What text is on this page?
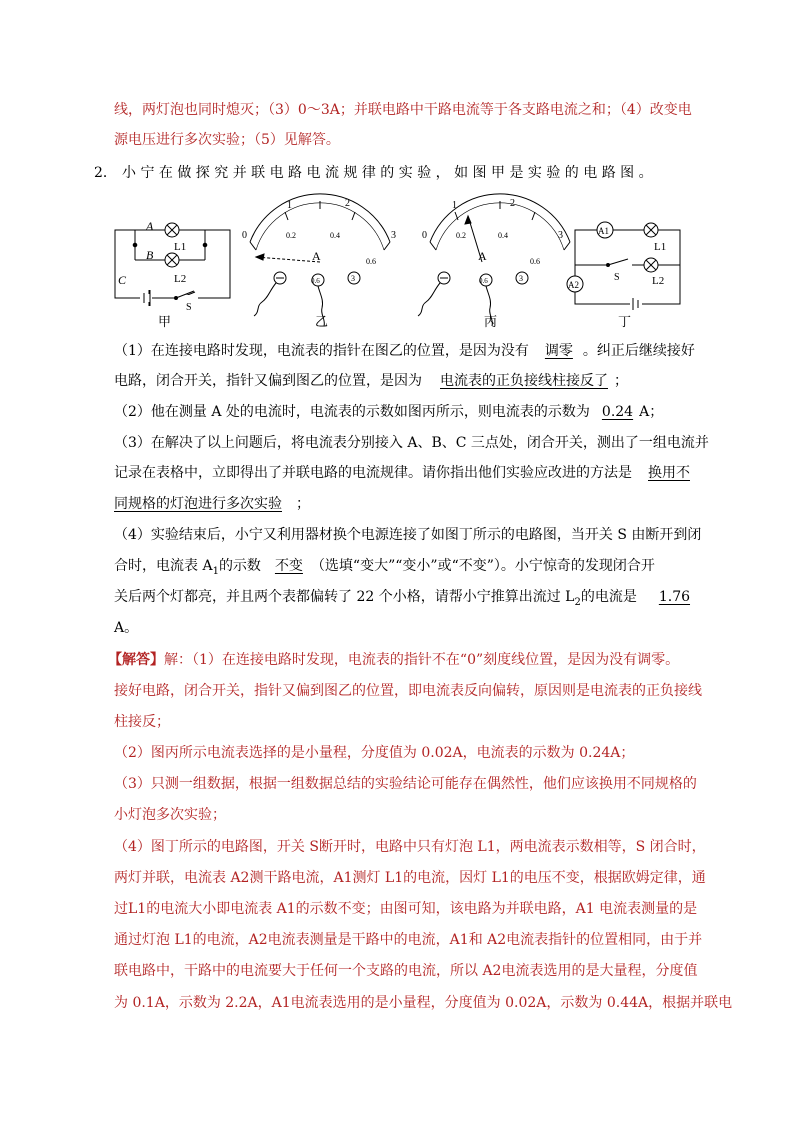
线，两灯泡也同时熄灭；（3）0～3A；并联电路中干路电流等于各支路电流之和；（4）改变电
源电压进行多次实验；（5）见解答。
2． 小 宁 在 做 探 究 并 联 电 路 电 流 规 律 的 实 验 ， 如 图 甲 是 实 验 的 电 路 图 。
A
B
C
L1
L2
S
甲
0
1	2
3
0.2	0.4
0.6
A
0.6	3
乙
0
1	2
3
0.2	0.4
0.6
A
0.6	3
丙
A1
A2
L1
L2
S
丁
（1）在连接电路时发现，电流表的指针在图乙的位置，是因为没有 调零 。纠正后继续接好
电路，闭合开关，指针又偏到图乙的位置，是因为 电流表的正负接线柱接反了 ；
（2）他在测量 A 处的电流时，电流表的示数如图丙所示，则电流表的示数为 0.24 A；
（3）在解决了以上问题后，将电流表分别接入 A、B、C 三点处，闭合开关，测出了一组电流并
记录在表格中，立即得出了并联电路的电流规律。请你指出他们实验应改进的方法是 换用不
同规格的灯泡进行多次实验 ；
（4）实验结束后，小宁又利用器材换个电源连接了如图丁所示的电路图，当开关 S 由断开到闭
合时，电流表 $A_1$的示数 不变 （选填“变大”“变小”或“不变”）。小宁惊奇的发现闭合开
关后两个灯都亮，并且两个表都偏转了 22 个小格，请帮小宁推算出流过 $L_2$的电流是 1.76
A。
【解答】解：（1）在连接电路时发现，电流表的指针不在“0”刻度线位置，是因为没有调零。
接好电路，闭合开关，指针又偏到图乙的位置，即电流表反向偏转，原因则是电流表的正负接线
柱接反；
（2）图丙所示电流表选择的是小量程，分度值为 0.02A，电流表的示数为 0.24A；
（3）只测一组数据，根据一组数据总结的实验结论可能存在偶然性，他们应该换用不同规格的
小灯泡多次实验；
（4）图丁所示的电路图，开关 S断开时，电路中只有灯泡 L1，两电流表示数相等，S 闭合时，
两灯并联，电流表 A2测干路电流，A1测灯 L1的电流，因灯 L1的电压不变，根据欧姆定律，通
过L1的电流大小即电流表 A1的示数不变；由图可知，该电路为并联电路，A1 电流表测量的是
通过灯泡 L1的电流，A2电流表测量是干路中的电流，A1和 A2电流表指针的位置相同，由于并
联电路中，干路中的电流要大于任何一个支路的电流，所以 A2电流表选用的是大量程，分度值
为 0.1A，示数为 2.2A，A1电流表选用的是小量程，分度值为 0.02A，示数为 0.44A，根据并联电
